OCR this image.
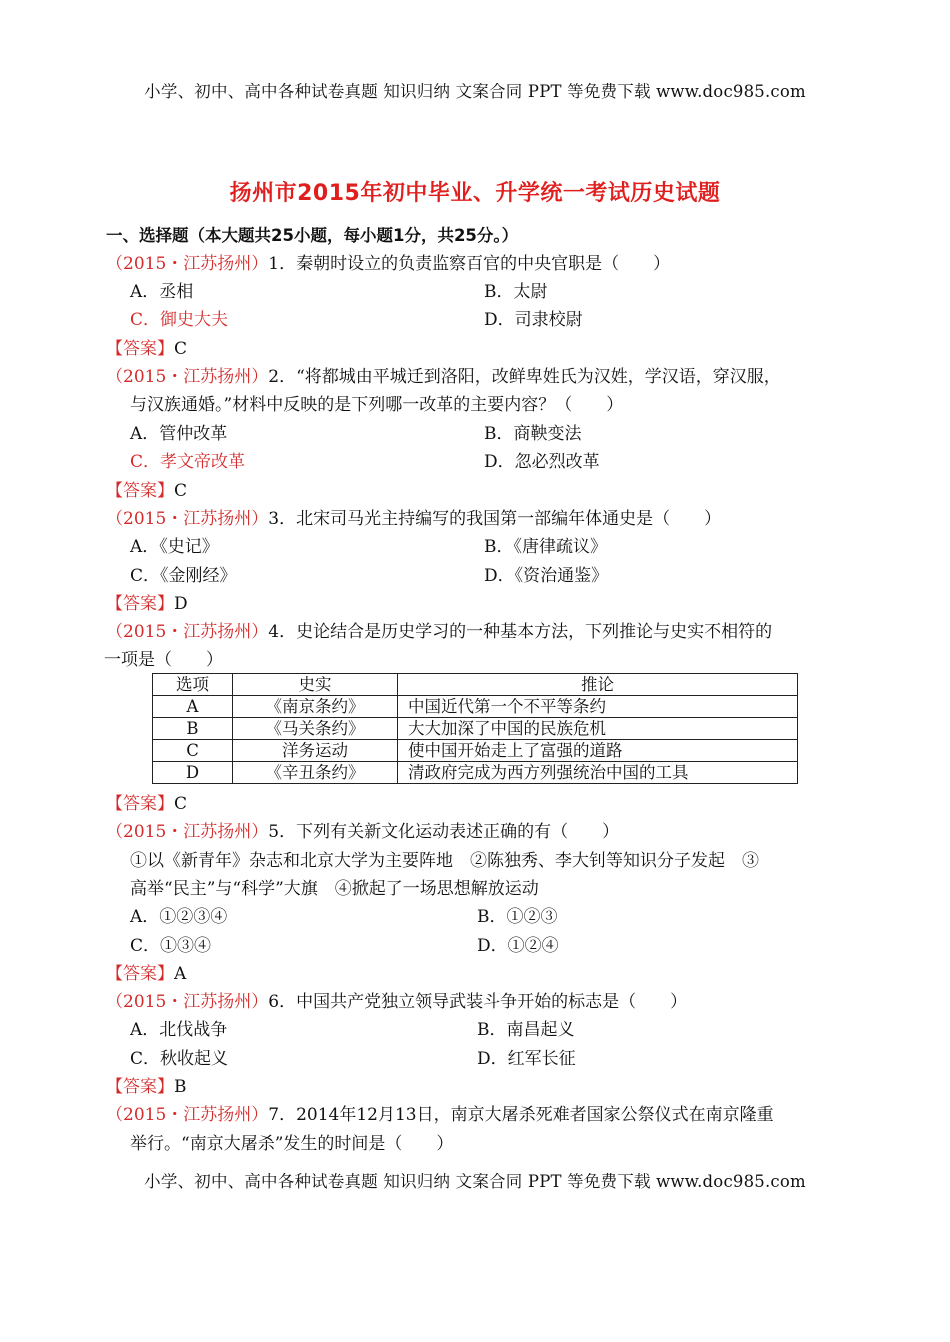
小学、初中、高中各种试卷真题 知识归纳 文案合同 PPT 等免费下载 www.doc985.com
扬州市2015年初中毕业、升学统一考试历史试题
一、选择题（本大题共25小题，每小题1分，共25分。）
（2015・江苏扬州）1．秦朝时设立的负责监察百官的中央官职是（　　）
A．丞相	B．太尉
C．御史大夫	D．司隶校尉
【答案】C
（2015・江苏扬州）2．“将都城由平城迁到洛阳，改鲜卑姓氏为汉姓，学汉语，穿汉服，
与汉族通婚。”材料中反映的是下列哪一改革的主要内容？（　　）
A．管仲改革	B．商鞅变法
C．孝文帝改革	D．忽必烈改革
【答案】C
（2015・江苏扬州）3．北宋司马光主持编写的我国第一部编年体通史是（　　）
A．《史记》	B．《唐律疏议》
C．《金刚经》	D．《资治通鉴》
【答案】D
（2015・江苏扬州）4．史论结合是历史学习的一种基本方法，下列推论与史实不相符的
一项是（　　）
选项	史实	推论
A	《南京条约》	中国近代第一个不平等条约
B	《马关条约》	大大加深了中国的民族危机
C	洋务运动	使中国开始走上了富强的道路
D	《辛丑条约》	清政府完成为西方列强统治中国的工具
【答案】C
（2015・江苏扬州）5．下列有关新文化运动表述正确的有（　　）
①以《新青年》杂志和北京大学为主要阵地　②陈独秀、李大钊等知识分子发起　③
高举“民主”与“科学”大旗　④掀起了一场思想解放运动
A．①②③④	B．①②③
C．①③④	D．①②④
【答案】A
（2015・江苏扬州）6．中国共产党独立领导武装斗争开始的标志是（　　）
A．北伐战争	B．南昌起义
C．秋收起义	D．红军长征
【答案】B
（2015・江苏扬州）7．2014年12月13日，南京大屠杀死难者国家公祭仪式在南京隆重
举行。“南京大屠杀”发生的时间是（　　）
小学、初中、高中各种试卷真题 知识归纳 文案合同 PPT 等免费下载 www.doc985.com
